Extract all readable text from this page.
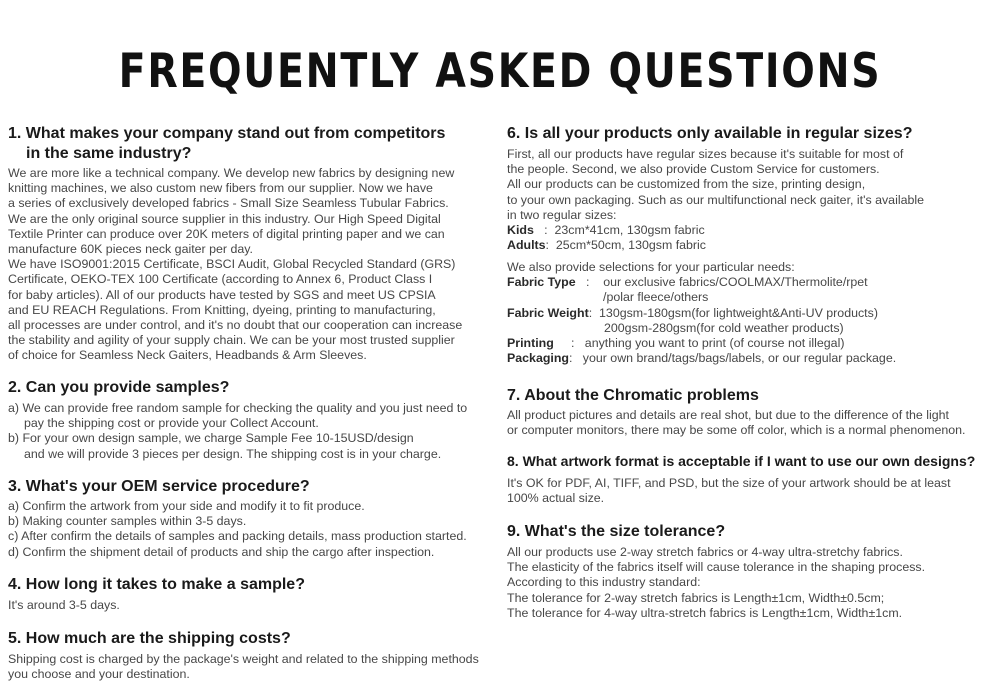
FREQUENTLY ASKED QUESTIONS
1. What makes your company stand out from competitors
in the same industry?
We are more like a technical company. We develop new fabrics by designing new
knitting machines, we also custom new fibers from our supplier. Now we have
a series of exclusively developed fabrics - Small Size Seamless Tubular Fabrics.
We are the only original source supplier in this industry. Our High Speed Digital
Textile Printer can produce over 20K meters of digital printing paper and we can
manufacture 60K pieces neck gaiter per day.
We have ISO9001:2015 Certificate, BSCI Audit, Global Recycled Standard (GRS)
Certificate, OEKO-TEX 100 Certificate (according to Annex 6, Product Class I
for baby articles). All of our products have tested by SGS and meet US CPSIA
and EU REACH Regulations. From Knitting, dyeing, printing to manufacturing,
all processes are under control, and it's no doubt that our cooperation can increase
the stability and agility of your supply chain. We can be your most trusted supplier
of choice for Seamless Neck Gaiters, Headbands & Arm Sleeves.
2. Can you provide samples?
a) We can provide free random sample for checking the quality and you just need to
pay the shipping cost or provide your Collect Account.
b) For your own design sample, we charge Sample Fee 10-15USD/design
and we will provide 3 pieces per design. The shipping cost is in your charge.
3. What's your OEM service procedure?
a) Confirm the artwork from your side and modify it to fit produce.
b) Making counter samples within 3-5 days.
c) After confirm the details of samples and packing details, mass production started.
d) Confirm the shipment detail of products and ship the cargo after inspection.
4. How long it takes to make a sample?
It's around 3-5 days.
5. How much are the shipping costs?
Shipping cost is charged by the package's weight and related to the shipping methods
you choose and your destination.
6. Is all your products only available in regular sizes?
First, all our products have regular sizes because it's suitable for most of
the people. Second, we also provide Custom Service for customers.
All our products can be customized from the size, printing design,
to your own packaging. Such as our multifunctional neck gaiter, it's available
in two regular sizes:
Kids   :  23cm*41cm, 130gsm fabric
Adults:  25cm*50cm, 130gsm fabric
We also provide selections for your particular needs:
Fabric Type   :    our exclusive fabrics/COOLMAX/Thermolite/rpet
/polar fleece/others
Fabric Weight:  130gsm-180gsm(for lightweight&Anti-UV products)
200gsm-280gsm(for cold weather products)
Printing     :   anything you want to print (of course not illegal)
Packaging:   your own brand/tags/bags/labels, or our regular package.
7. About the Chromatic problems
All product pictures and details are real shot, but due to the difference of the light
or computer monitors, there may be some off color, which is a normal phenomenon.
8. What artwork format is acceptable if I want to use our own designs?
It's OK for PDF, AI, TIFF, and PSD, but the size of your artwork should be at least
100% actual size.
9. What's the size tolerance?
All our products use 2-way stretch fabrics or 4-way ultra-stretchy fabrics.
The elasticity of the fabrics itself will cause tolerance in the shaping process.
According to this industry standard:
The tolerance for 2-way stretch fabrics is Length±1cm, Width±0.5cm;
The tolerance for 4-way ultra-stretch fabrics is Length±1cm, Width±1cm.
